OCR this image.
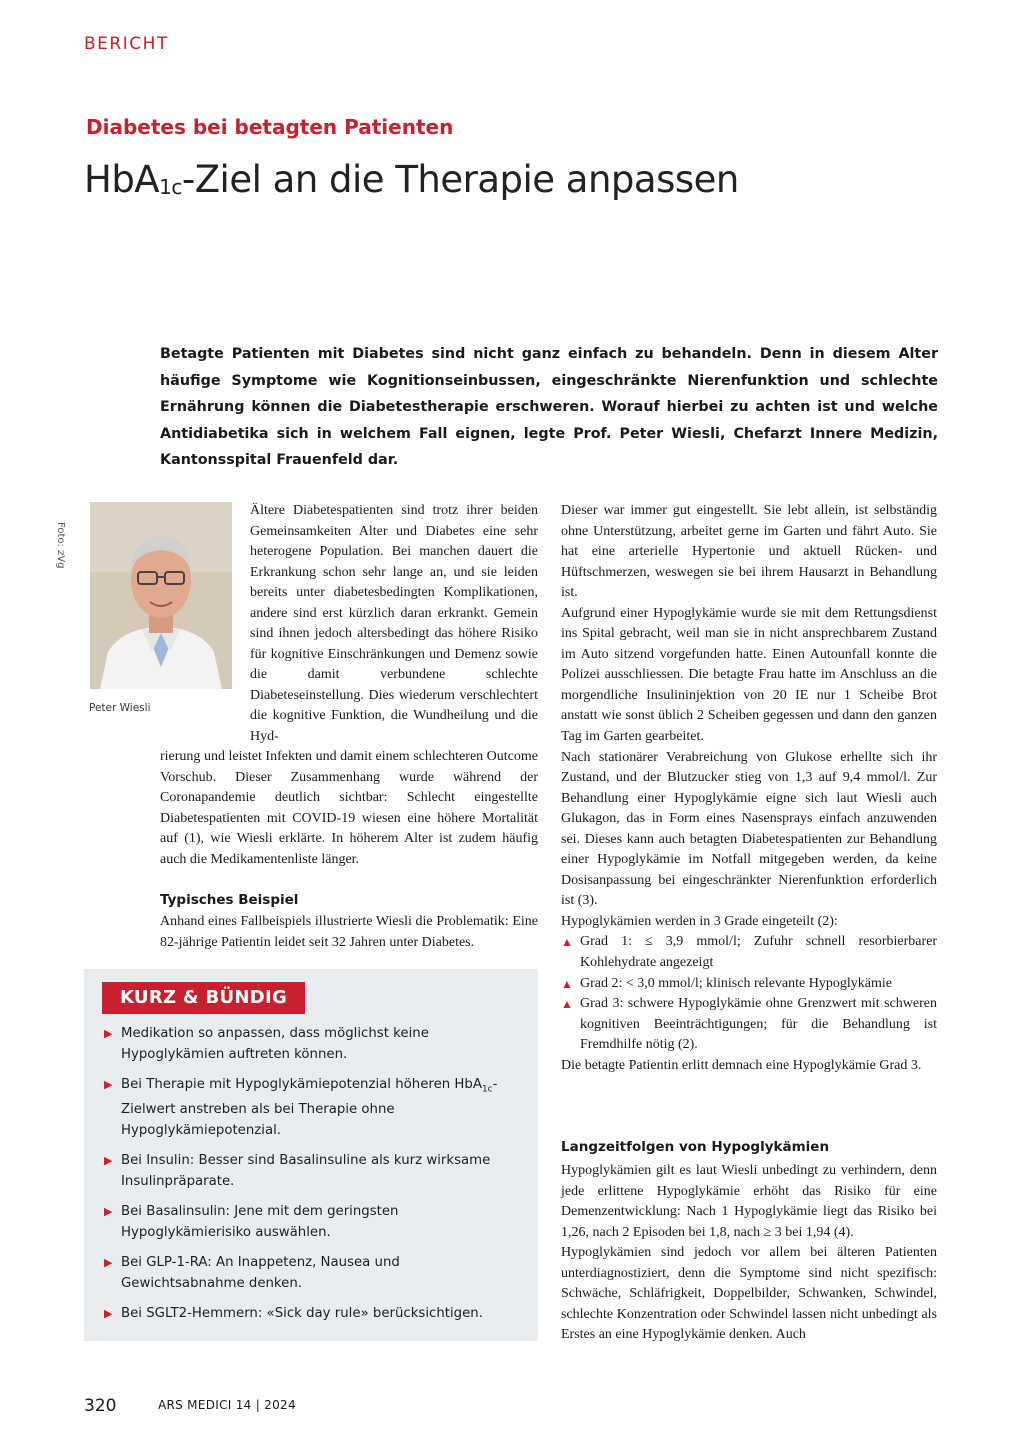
BERICHT
Diabetes bei betagten Patienten
HbA$_{1c}$-Ziel an die Therapie anpassen
Betagte Patienten mit Diabetes sind nicht ganz einfach zu behandeln. Denn in diesem Alter häufige Symptome wie Kognitionseinbussen, eingeschränkte Nierenfunktion und schlechte Ernährung können die Diabetestherapie erschweren. Worauf hierbei zu achten ist und welche Antidiabetika sich in welchem Fall eignen, legte Prof. Peter Wiesli, Chefarzt Innere Medizin, Kantonsspital Frauenfeld dar.
Foto: zVg
Peter Wiesli
Ältere Diabetespatienten sind trotz ihrer beiden Gemeinsamkeiten Alter und Diabetes eine sehr heterogene Population. Bei manchen dauert die Erkrankung schon sehr lange an, und sie leiden bereits unter diabetesbedingten Komplikationen, andere sind erst kürzlich daran erkrankt. Gemein sind ihnen jedoch altersbedingt das höhere Risiko für kognitive Einschränkungen und Demenz sowie die damit verbundene schlechte Diabeteseinstellung. Dies wiederum verschlechtert die kognitive Funktion, die Wundheilung und die Hyd-
rierung und leistet Infekten und damit einem schlechteren Outcome Vorschub. Dieser Zusammenhang wurde während der Coronapandemie deutlich sichtbar: Schlecht eingestellte Diabetespatienten mit COVID-19 wiesen eine höhere Mortalität auf (1), wie Wiesli erklärte. In höherem Alter ist zudem häufig auch die Medikamentenliste länger.
Typisches Beispiel
Anhand eines Fallbeispiels illustrierte Wiesli die Problematik: Eine 82-jährige Patientin leidet seit 32 Jahren unter Diabetes.
KURZ & BÜNDIG
▶ Medikation so anpassen, dass möglichst keine Hypoglykämien auftreten können.
▶ Bei Therapie mit Hypoglykämiepotenzial höheren HbA$_{1c}$-Zielwert anstreben als bei Therapie ohne Hypoglykämiepotenzial.
▶ Bei Insulin: Besser sind Basalinsuline als kurz wirksame Insulinpräparate.
▶ Bei Basalinsulin: Jene mit dem geringsten Hypoglykämierisiko auswählen.
▶ Bei GLP-1-RA: An Inappetenz, Nausea und Gewichtsabnahme denken.
▶ Bei SGLT2-Hemmern: «Sick day rule» berücksichtigen.

Dieser war immer gut eingestellt. Sie lebt allein, ist selbständig ohne Unterstützung, arbeitet gerne im Garten und fährt Auto. Sie hat eine arterielle Hypertonie und aktuell Rücken- und Hüftschmerzen, weswegen sie bei ihrem Hausarzt in Behandlung ist.

Aufgrund einer Hypoglykämie wurde sie mit dem Rettungsdienst ins Spital gebracht, weil man sie in nicht ansprechbarem Zustand im Auto sitzend vorgefunden hatte. Einen Autounfall konnte die Polizei ausschliessen. Die betagte Frau hatte im Anschluss an die morgendliche Insulininjektion von 20 IE nur 1 Scheibe Brot anstatt wie sonst üblich 2 Scheiben gegessen und dann den ganzen Tag im Garten gearbeitet.

Nach stationärer Verabreichung von Glukose erhellte sich ihr Zustand, und der Blutzucker stieg von 1,3 auf 9,4 mmol/l. Zur Behandlung einer Hypoglykämie eigne sich laut Wiesli auch Glukagon, das in Form eines Nasensprays einfach anzuwenden sei. Dieses kann auch betagten Diabetespatienten zur Behandlung einer Hypoglykämie im Notfall mitgegeben werden, da keine Dosisanpassung bei eingeschränkter Nierenfunktion erforderlich ist (3).

Hypoglykämien werden in 3 Grade eingeteilt (2):

▲ Grad 1: ≤ 3,9 mmol/l; Zufuhr schnell resorbierbarer Kohlehydrate angezeigt
▲ Grad 2: < 3,0 mmol/l; klinisch relevante Hypoglykämie
▲ Grad 3: schwere Hypoglykämie ohne Grenzwert mit schweren kognitiven Beeinträchtigungen; für die Behandlung ist Fremdhilfe nötig (2).

Die betagte Patientin erlitt demnach eine Hypoglykämie Grad 3.

Langzeitfolgen von Hypoglykämien

Hypoglykämien gilt es laut Wiesli unbedingt zu verhindern, denn jede erlittene Hypoglykämie erhöht das Risiko für eine Demenzentwicklung: Nach 1 Hypoglykämie liegt das Risiko bei 1,26, nach 2 Episoden bei 1,8, nach ≥ 3 bei 1,94 (4).

Hypoglykämien sind jedoch vor allem bei älteren Patienten unterdiagnostiziert, denn die Symptome sind nicht spezifisch: Schwäche, Schläfrigkeit, Doppelbilder, Schwanken, Schwindel, schlechte Konzentration oder Schwindel lassen nicht unbedingt als Erstes an eine Hypoglykämie denken. Auch

320	ARS MEDICI 14 | 2024
